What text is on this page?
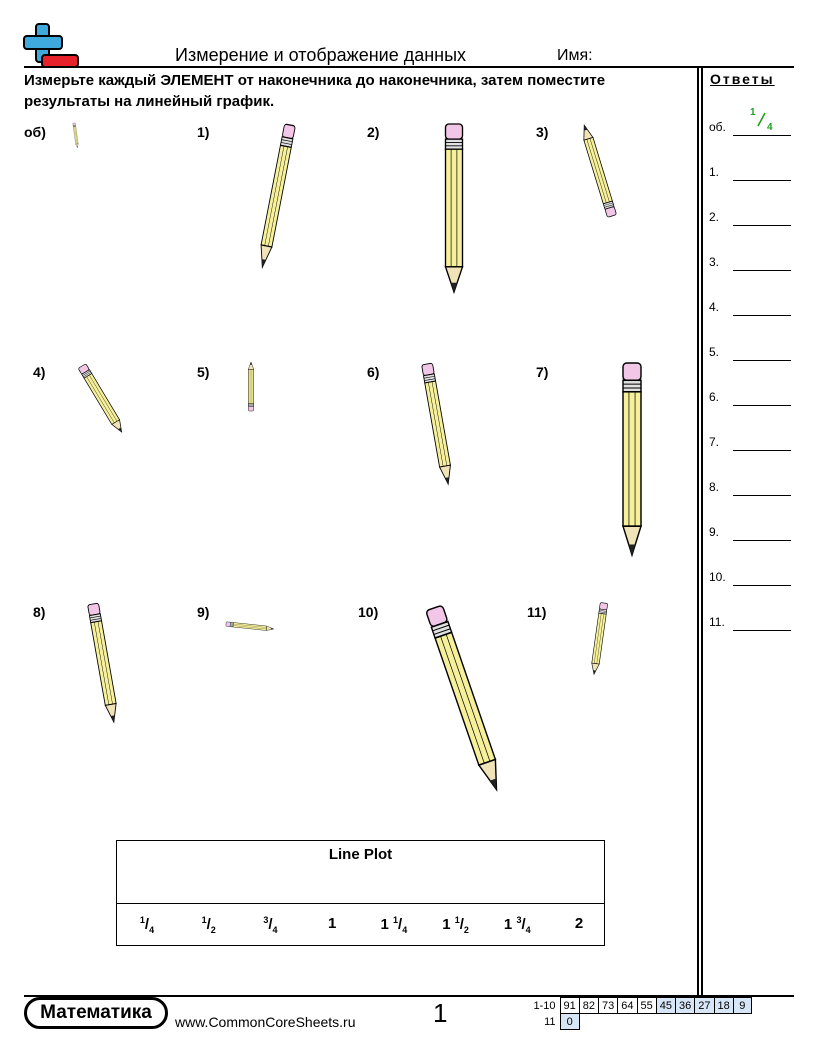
Измерение и отображение данных	Имя:
Измерьте каждый ЭЛЕМЕНТ от наконечника до наконечника, затем поместите результаты на линейный график.
Ответы
об)	1)	2)	3)
4)	5)	6)	7)
8)	9)	10)	11)
об.
1
4
1.
2.
3.
4.
5.
6.
7.
8.
9.
10.
11.
Line Plot
$^1/_4$
$^1/_2$
$^3/_4$	1	1 $^1/_4$ 1 $^1/_2$ 1 $^3/_4$	2
Математика	www.CommonCoreSheets.ru	1	1-10	91	82	73	64	55	45	36	27	18	9
11	0									
